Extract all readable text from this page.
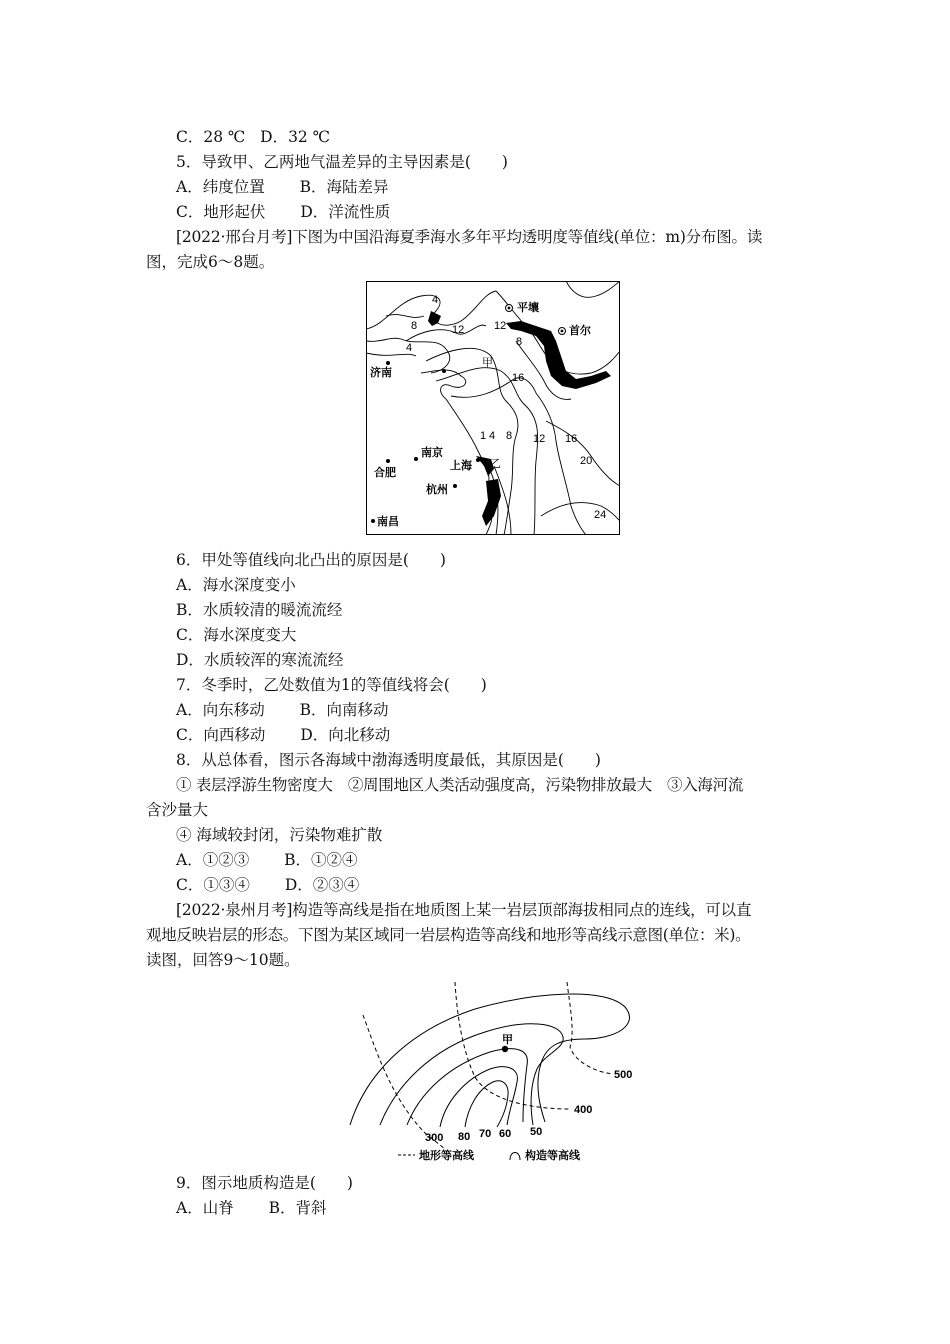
C．28 ℃ D．32 ℃
5．导致甲、乙两地气温差异的主导因素是(　　)
A．纬度位置 B．海陆差异
C．地形起伏 D．洋流性质
[2022·邢台月考]下图为中国沿海夏季海水多年平均透明度等值线(单位：m)分布图。读
图，完成6～8题。
平壤
首尔
济南
南京
合肥
上海
杭州
南昌
甲
乙
4
8	12
4
12
8
16
1 4 8 12 16
20
24
6．甲处等值线向北凸出的原因是(　　)
A．海水深度变小
B．水质较清的暖流流经
C．海水深度变大
D．水质较浑的寒流流经
7．冬季时，乙处数值为1的等值线将会(　　)
A．向东移动 B．向南移动
C．向西移动 D．向北移动
8．从总体看，图示各海域中渤海透明度最低，其原因是(　　)
① 表层浮游生物密度大　②周围地区人类活动强度高，污染物排放最大　③入海河流
含沙量大
④ 海域较封闭，污染物难扩散
A．①②③ B．①②④
C．①③④ D．②③④
[2022·泉州月考]构造等高线是指在地质图上某一岩层顶部海拔相同点的连线，可以直
观地反映岩层的形态。下图为某区域同一岩层构造等高线和地形等高线示意图(单位：米)。
读图，回答9～10题。
甲
500
400
300 80 70 60 50
地形等高线	构造等高线
9．图示地质构造是(　　)
A．山脊 B．背斜
